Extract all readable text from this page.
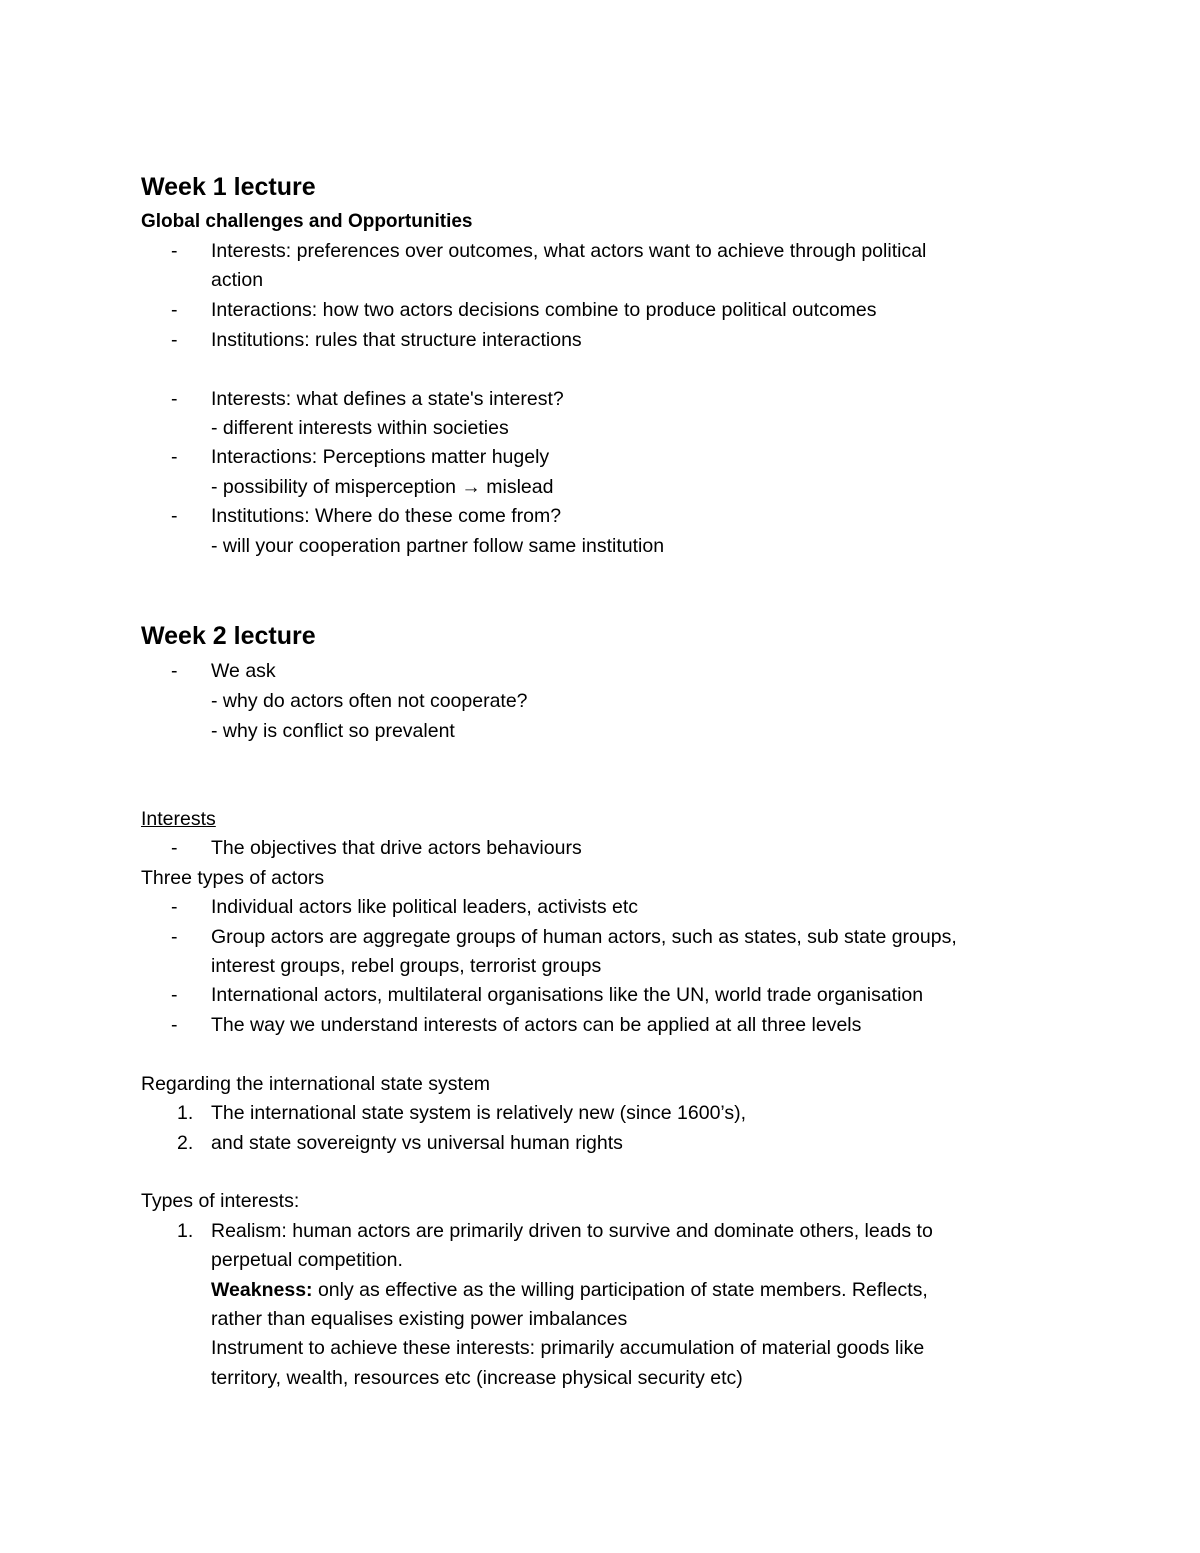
Week 1 lecture
Global challenges and Opportunities
-	Interests: preferences over outcomes, what actors want to achieve through political
action
-	Interactions: how two actors decisions combine to produce political outcomes
-	Institutions: rules that structure interactions
-	Interests: what defines a state's interest?
- different interests within societies
-	Interactions: Perceptions matter hugely
- possibility of misperception → mislead
-	Institutions: Where do these come from?
- will your cooperation partner follow same institution
Week 2 lecture
-	We ask
- why do actors often not cooperate?
- why is conflict so prevalent
Interests
-	The objectives that drive actors behaviours
Three types of actors
-	Individual actors like political leaders, activists etc
-	Group actors are aggregate groups of human actors, such as states, sub state groups,
interest groups, rebel groups, terrorist groups
-	International actors, multilateral organisations like the UN, world trade organisation
-	The way we understand interests of actors can be applied at all three levels
Regarding the international state system
1. The international state system is relatively new (since 1600’s),
2. and state sovereignty vs universal human rights
Types of interests:
1. Realism: human actors are primarily driven to survive and dominate others, leads to
perpetual competition.
Weakness: only as effective as the willing participation of state members. Reflects,
rather than equalises existing power imbalances
Instrument to achieve these interests: primarily accumulation of material goods like
territory, wealth, resources etc (increase physical security etc)
